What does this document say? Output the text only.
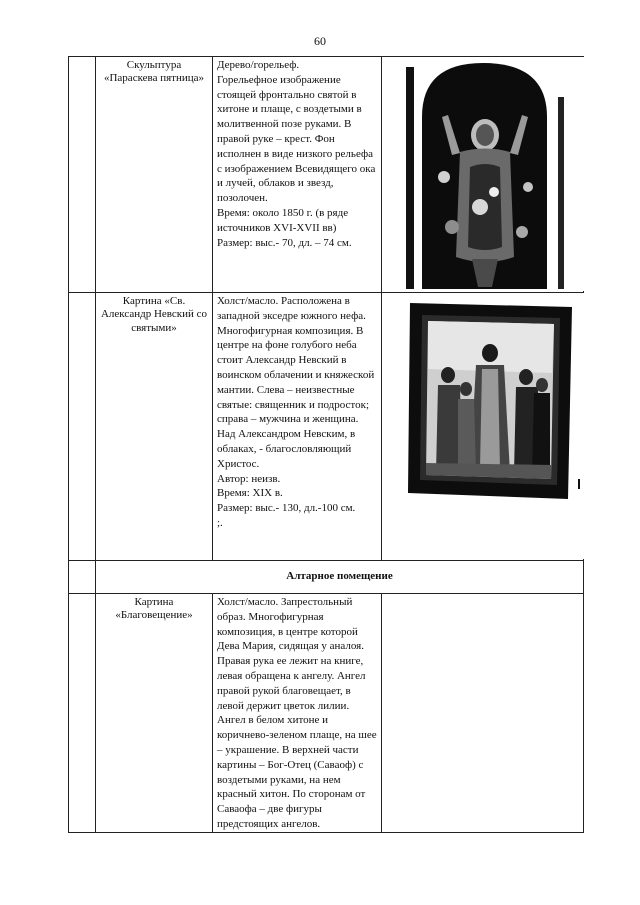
60

	Скульптура «Параскева пятница»	Дерево/горельеф.

Горельефное изображение стоящей фронтально святой в хитоне и плаще, с воздетыми в молитвенной позе руками. В правой руке – крест. Фон исполнен в виде низкого рельефа с изображением Всевидящего ока и лучей, облаков и звезд, позолочен.

Время: около 1850 г. (в ряде источников XVI-XVII вв)

Размер: выс.- 70, дл. – 74 см.

	Картина «Св. Александр Невский со святыми»	Холст/масло. Расположена в западной экседре южного нефа. Многофигурная композиция. В центре на фоне голубого неба стоит Александр Невский в воинском облачении и княжеской мантии. Слева – неизвестные святые: священник и подросток; справа – мужчина и женщина. Над Александром Невским, в облаках, - благословляющий Христос.

Автор: неизв.

Время: XIX в.

Размер: выс.- 130, дл.-100 см.

;.

	Алтарное помещение		

	Картина «Благовещение»	Холст/масло. Запрестольный образ. Многофигурная композиция, в центре которой Дева Мария, сидящая у аналоя. Правая рука ее лежит на книге, левая обращена к ангелу. Ангел правой рукой благовещает, в левой держит цветок лилии. Ангел в белом хитоне и коричнево-зеленом плаще, на шее – украшение. В верхней части картины – Бог-Отец (Саваоф) с воздетыми руками, на нем красный хитон. По сторонам от Саваофа – две фигуры предстоящих ангелов.	
